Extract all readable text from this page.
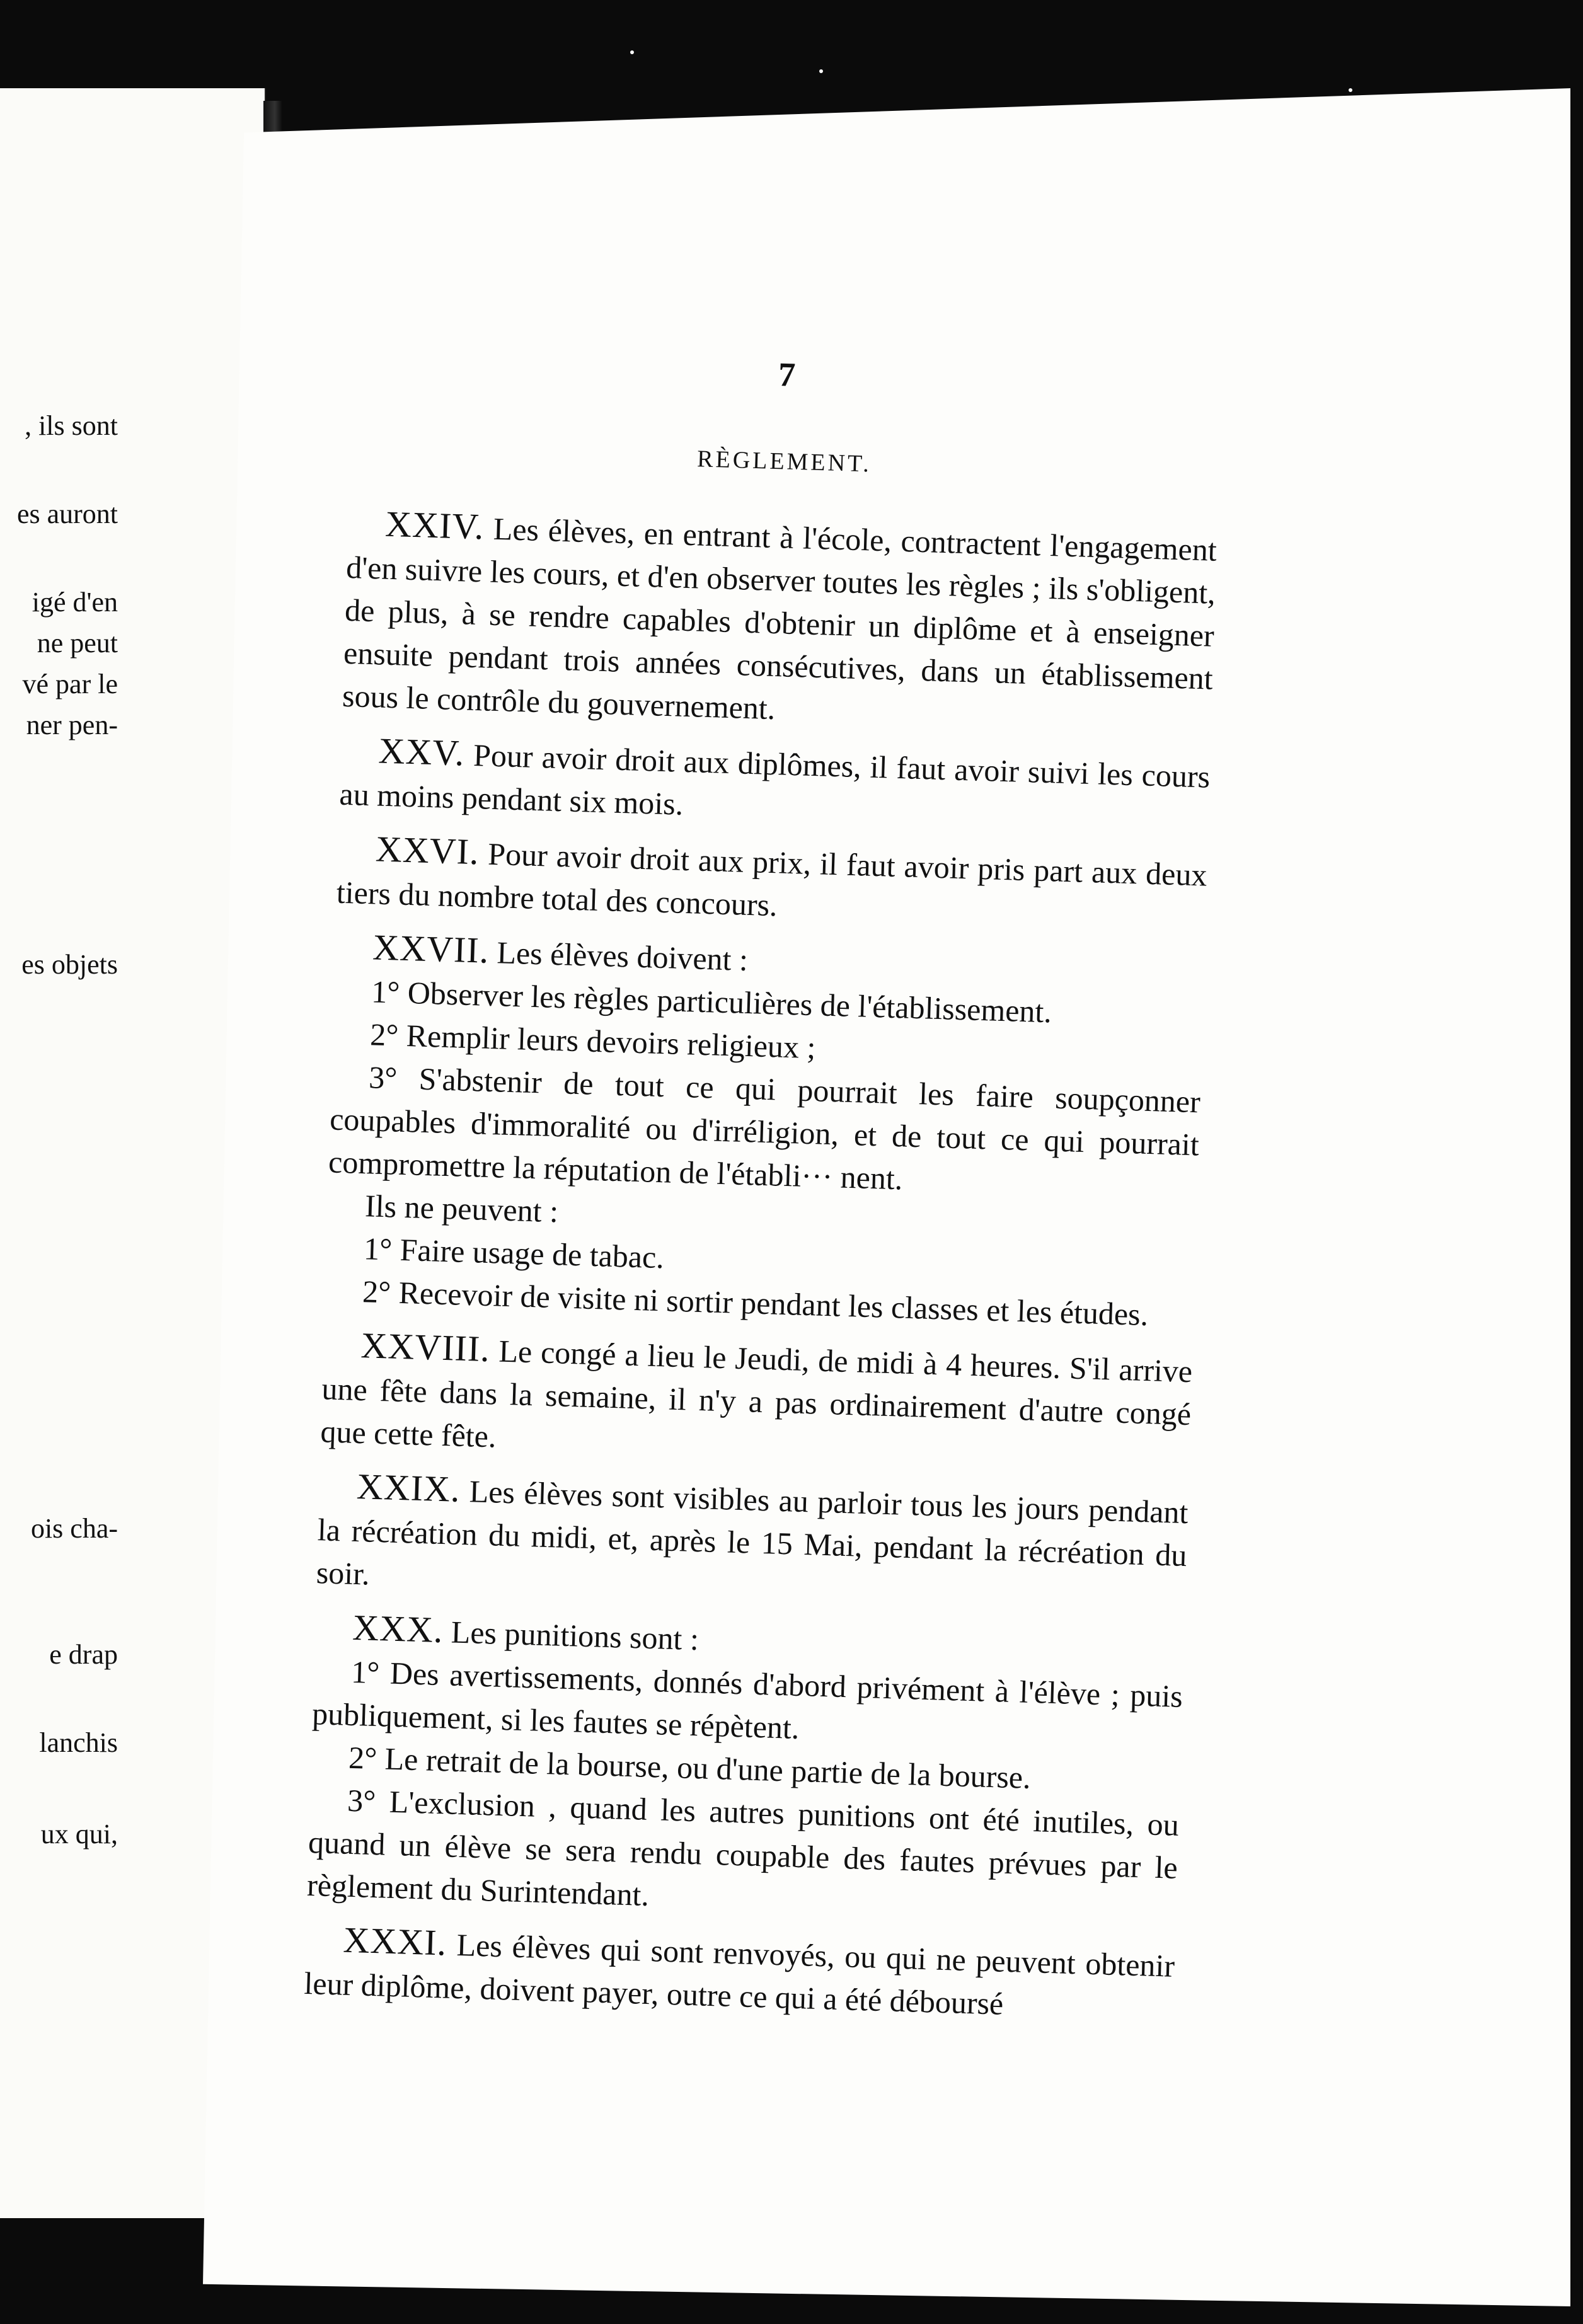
, ils sont
es auront
igé d'en
ne peut
vé par le
ner pen-
es objets
ois cha-
e drap
lanchis
ux qui,
7
RÈGLEMENT.

XXIV. Les élèves, en entrant à l'école, contractent l'engagement d'en suivre les cours, et d'en observer toutes les règles ; ils s'obligent, de plus, à se rendre capables d'obtenir un diplôme et à enseigner ensuite pendant trois années consécutives, dans un établissement sous le contrôle du gouvernement.

XXV. Pour avoir droit aux diplômes, il faut avoir suivi les cours au moins pendant six mois.

XXVI. Pour avoir droit aux prix, il faut avoir pris part aux deux tiers du nombre total des concours.

XXVII. Les élèves doivent :

1° Observer les règles particulières de l'établissement.

2° Remplir leurs devoirs religieux ;

3° S'abstenir de tout ce qui pourrait les faire soupçonner coupables d'immoralité ou d'irréligion, et de tout ce qui pourrait compromettre la réputation de l'établi··· nent.

Ils ne peuvent :

1° Faire usage de tabac.

2° Recevoir de visite ni sortir pendant les classes et les études.

XXVIII. Le congé a lieu le Jeudi, de midi à 4 heures. S'il arrive une fête dans la semaine, il n'y a pas ordinairement d'autre congé que cette fête.

XXIX. Les élèves sont visibles au parloir tous les jours pendant la récréation du midi, et, après le 15 Mai, pendant la récréation du soir.

XXX. Les punitions sont :

1° Des avertissements, donnés d'abord privément à l'élève ; puis publiquement, si les fautes se répètent.

2° Le retrait de la bourse, ou d'une partie de la bourse.

3° L'exclusion , quand les autres punitions ont été inutiles, ou quand un élève se sera rendu coupable des fautes prévues par le règlement du Surintendant.

XXXI. Les élèves qui sont renvoyés, ou qui ne peuvent obtenir leur diplôme, doivent payer, outre ce qui a été déboursé
